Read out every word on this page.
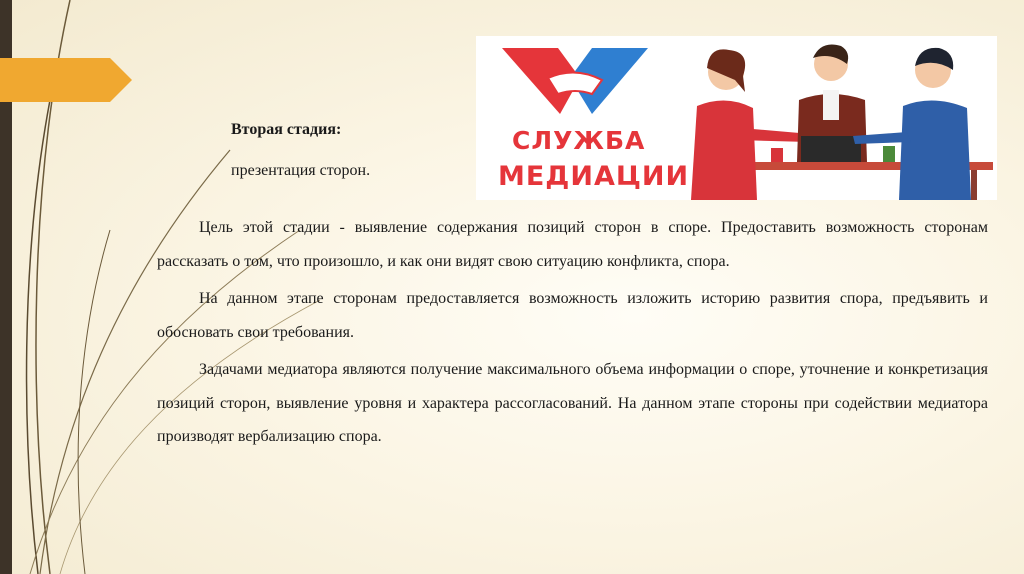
Вторая стадия:
презентация сторон.
СЛУЖБА
МЕДИАЦИИ

Цель этой стадии - выявление содержания позиций сторон в споре. Предоставить возможность сторонам рассказать о том, что произошло, и как они видят свою ситуацию конфликта, спора.

На данном этапе сторонам предоставляется возможность изложить историю развития спора, предъявить и обосновать свои требования.

Задачами медиатора являются получение максимального объема информации о споре, уточнение и конкретизация позиций сторон, выявление уровня и характера рассогласований. На данном этапе стороны при содействии медиатора производят вербализацию спора.
